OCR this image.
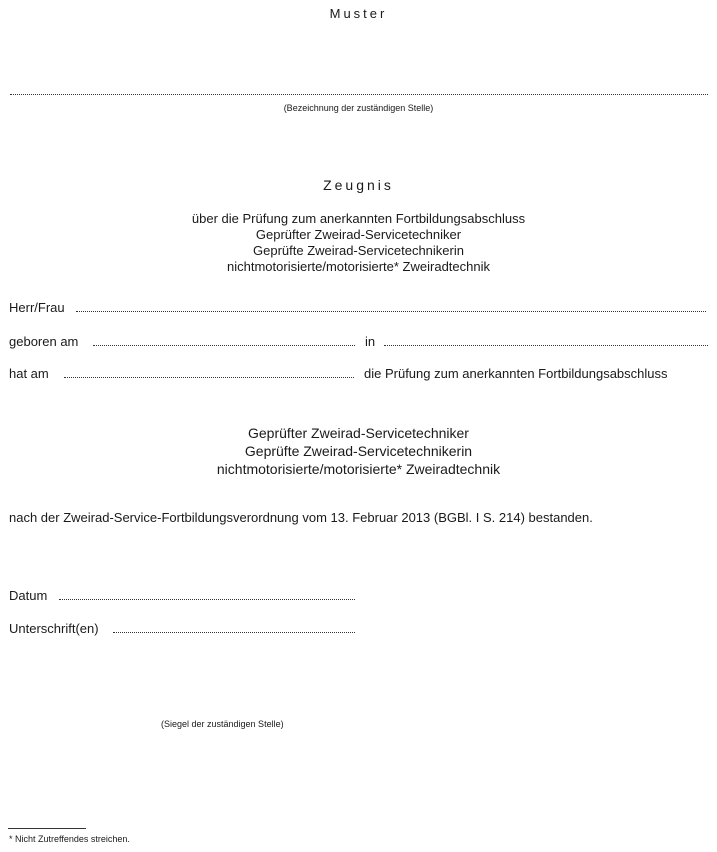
Muster
(Bezeichnung der zuständigen Stelle)
Zeugnis
über die Prüfung zum anerkannten Fortbildungsabschluss
Geprüfter Zweirad-Servicetechniker
Geprüfte Zweirad-Servicetechnikerin
nichtmotorisierte/motorisierte* Zweiradtechnik
Herr/Frau
geboren am	in
hat am	die Prüfung zum anerkannten Fortbildungsabschluss
Geprüfter Zweirad-Servicetechniker
Geprüfte Zweirad-Servicetechnikerin
nichtmotorisierte/motorisierte* Zweiradtechnik
nach der Zweirad-Service-Fortbildungsverordnung vom 13. Februar 2013 (BGBl. I S. 214) bestanden.
Datum
Unterschrift(en)
(Siegel der zuständigen Stelle)
* Nicht Zutreffendes streichen.
